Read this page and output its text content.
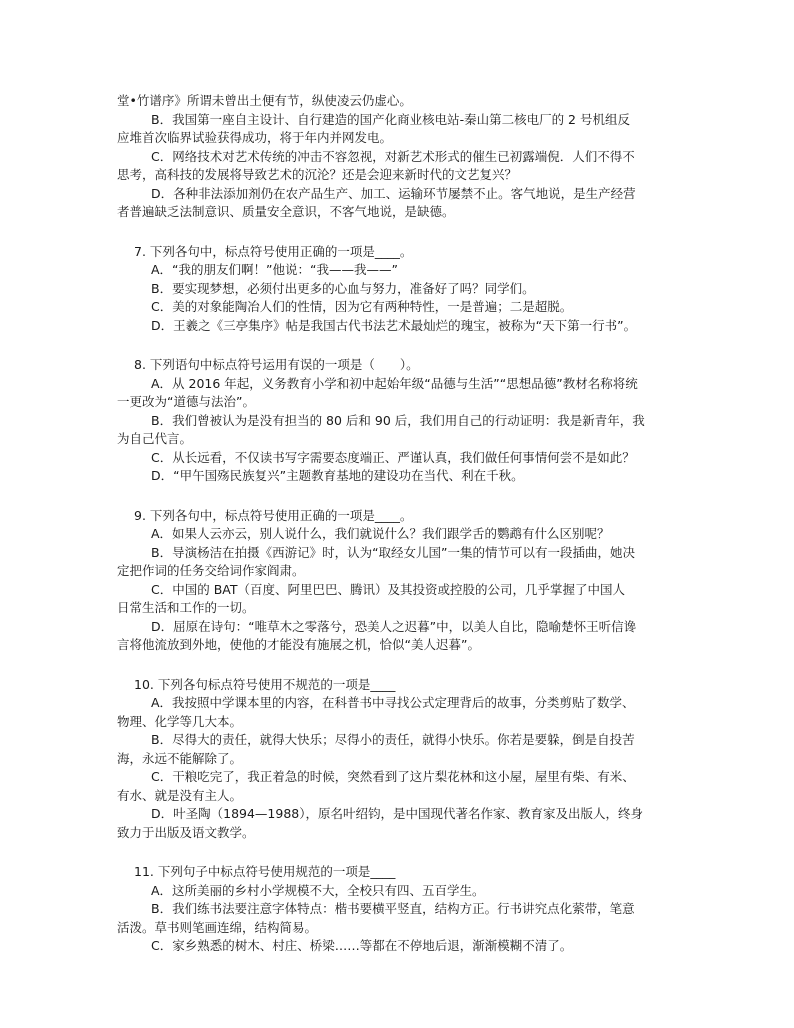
堂•竹谱序》所谓未曾出土便有节，纵使凌云仍虚心。
B．我国第一座自主设计、自行建造的国产化商业核电站-秦山第二核电厂的 2 号机组反
应堆首次临界试验获得成功，将于年内并网发电。
C．网络技术对艺术传统的冲击不容忽视，对新艺术形式的催生已初露端倪．人们不得不
思考，高科技的发展将导致艺术的沉沦？还是会迎来新时代的文艺复兴？
D．各种非法添加剂仍在农产品生产、加工、运输环节屡禁不止。客气地说，是生产经营
者普遍缺乏法制意识、质量安全意识，不客气地说，是缺德。
7. 下列各句中，标点符号使用正确的一项是____。
A．“我的朋友们啊！”他说：“我——我——”
B．要实现梦想，必须付出更多的心血与努力，准备好了吗？同学们。
C．美的对象能陶冶人们的性情，因为它有两种特性，一是普遍；二是超脱。
D．王羲之《三亭集序》帖是我国古代书法艺术最灿烂的瑰宝，被称为“天下第一行书”。
8. 下列语句中标点符号运用有误的一项是（　　）。
A．从 2016 年起，义务教育小学和初中起始年级“品德与生活”“思想品德”教材名称将统
一更改为“道德与法治”。
B．我们曾被认为是没有担当的 80 后和 90 后，我们用自己的行动证明：我是新青年，我
为自己代言。
C．从长远看，不仅读书写字需要态度端正、严谨认真，我们做任何事情何尝不是如此？
D．“甲午国殇民族复兴”主题教育基地的建设功在当代、利在千秋。
9. 下列各句中，标点符号使用正确的一项是____。
A．如果人云亦云，别人说什么，我们就说什么？我们跟学舌的鹦鹉有什么区别呢？
B．导演杨洁在拍摄《西游记》时，认为“取经女儿国”一集的情节可以有一段插曲，她决
定把作词的任务交给词作家阎肃。
C．中国的 BAT（百度、阿里巴巴、腾讯）及其投资或控股的公司，几乎掌握了中国人
日常生活和工作的一切。
D．屈原在诗句：“唯草木之零落兮，恐美人之迟暮”中，以美人自比，隐喻楚怀王听信谗
言将他流放到外地，使他的才能没有施展之机，恰似“美人迟暮”。
10. 下列各句标点符号使用不规范的一项是____
A．我按照中学课本里的内容，在科普书中寻找公式定理背后的故事，分类剪贴了数学、
物理、化学等几大本。
B．尽得大的责任，就得大快乐；尽得小的责任，就得小快乐。你若是要躲，倒是自投苦
海，永远不能解除了。
C．干粮吃完了，我正着急的时候，突然看到了这片梨花林和这小屋，屋里有柴、有米、
有水、就是没有主人。
D．叶圣陶（1894—1988），原名叶绍钧，是中国现代著名作家、教育家及出版人，终身
致力于出版及语文教学。
11. 下列句子中标点符号使用规范的一项是____
A．这所美丽的乡村小学规模不大，全校只有四、五百学生。
B．我们练书法要注意字体特点：楷书要横平竖直，结构方正。行书讲究点化萦带，笔意
活泼。草书则笔画连绵，结构简易。
C．家乡熟悉的树木、村庄、桥梁……等都在不停地后退，渐渐模糊不清了。
